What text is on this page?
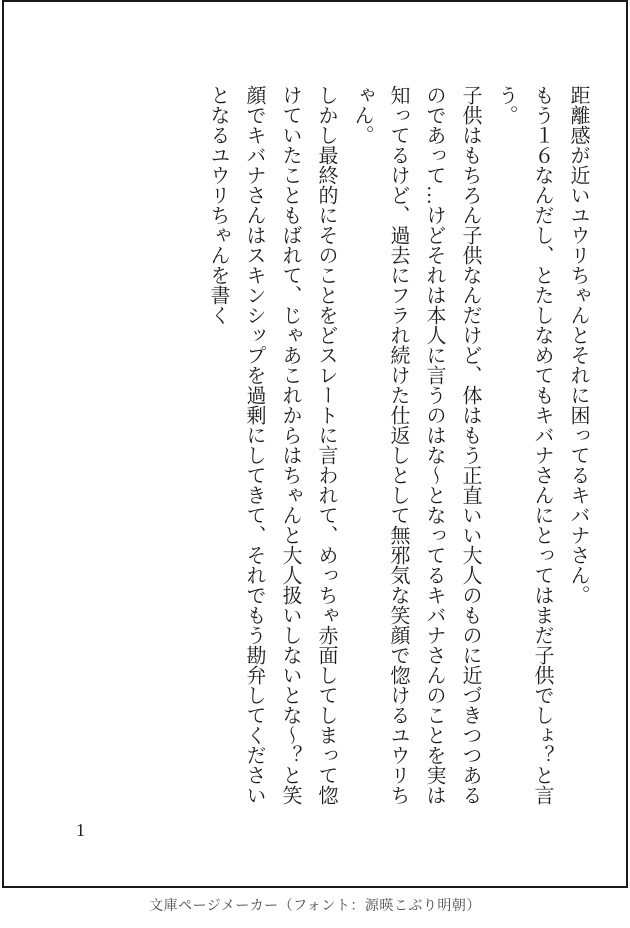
距離感が近いユウリちゃんとそれに困ってるキバナさん。
もう１６なんだし、とたしなめてもキバナさんにとってはまだ子供でしょ？と言
う。
子供はもちろん子供なんだけど、体はもう正直いい大人のものに近づきつつある
のであって…けどそれは本人に言うのはな〜となってるキバナさんのことを実は
知ってるけど、過去にフラれ続けた仕返しとして無邪気な笑顔で惚けるユウリち
ゃん。
しかし最終的にそのことをどスレートに言われて、めっちゃ赤面してしまって惚
けていたこともばれて、じゃあこれからはちゃんと大人扱いしないとな〜？と笑
顔でキバナさんはスキンシップを過剰にしてきて、それでもう勘弁してください
となるユウリちゃんを書く
1
文庫ページメーカー（フォント：源暎こぶり明朝）
